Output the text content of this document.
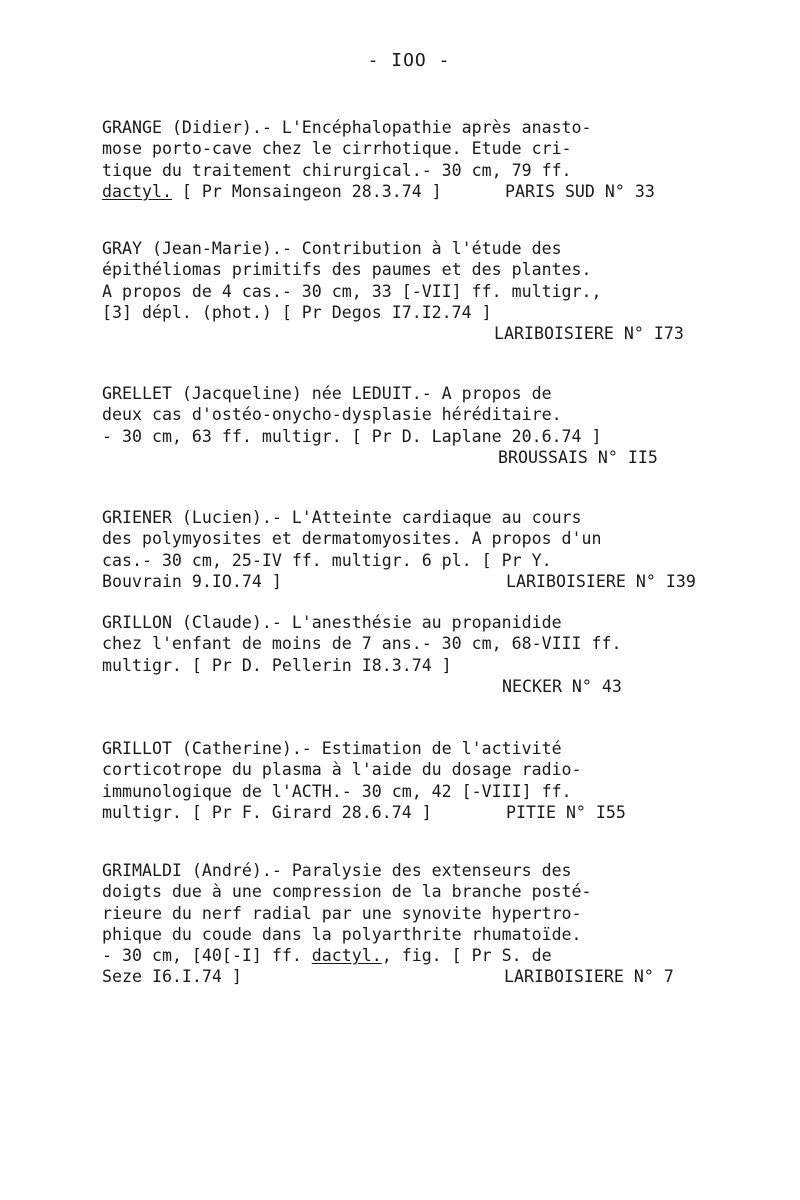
- IOO -
GRANGE (Didier).- L'Encéphalopathie après anasto-
mose porto-cave chez le cirrhotique. Etude cri-
tique du traitement chirurgical.- 30 cm, 79 ff.
dactyl. [ Pr Monsaingeon 28.3.74 ]	PARIS SUD N° 33
GRAY (Jean-Marie).- Contribution à l'étude des
épithéliomas primitifs des paumes et des plantes.
A propos de 4 cas.- 30 cm, 33 [-VII] ff. multigr.,
[3] dépl. (phot.) [ Pr Degos I7.I2.74 ]
LARIBOISIERE N° I73
GRELLET (Jacqueline) née LEDUIT.- A propos de
deux cas d'ostéo-onycho-dysplasie héréditaire.
- 30 cm, 63 ff. multigr. [ Pr D. Laplane 20.6.74 ]
BROUSSAIS N° II5
GRIENER (Lucien).- L'Atteinte cardiaque au cours
des polymyosites et dermatomyosites. A propos d'un
cas.- 30 cm, 25-IV ff. multigr. 6 pl. [ Pr Y.
Bouvrain 9.IO.74 ]	LARIBOISIERE N° I39
GRILLON (Claude).- L'anesthésie au propanidide
chez l'enfant de moins de 7 ans.- 30 cm, 68-VIII ff.
multigr. [ Pr D. Pellerin I8.3.74 ]
NECKER N° 43
GRILLOT (Catherine).- Estimation de l'activité
corticotrope du plasma à l'aide du dosage radio-
immunologique de l'ACTH.- 30 cm, 42 [-VIII] ff.
multigr. [ Pr F. Girard 28.6.74 ]	PITIE N° I55
GRIMALDI (André).- Paralysie des extenseurs des
doigts due à une compression de la branche posté-
rieure du nerf radial par une synovite hypertro-
phique du coude dans la polyarthrite rhumatoïde.
- 30 cm, [40[-I] ff. dactyl., fig. [ Pr S. de
Seze I6.I.74 ]	LARIBOISIERE N° 7
